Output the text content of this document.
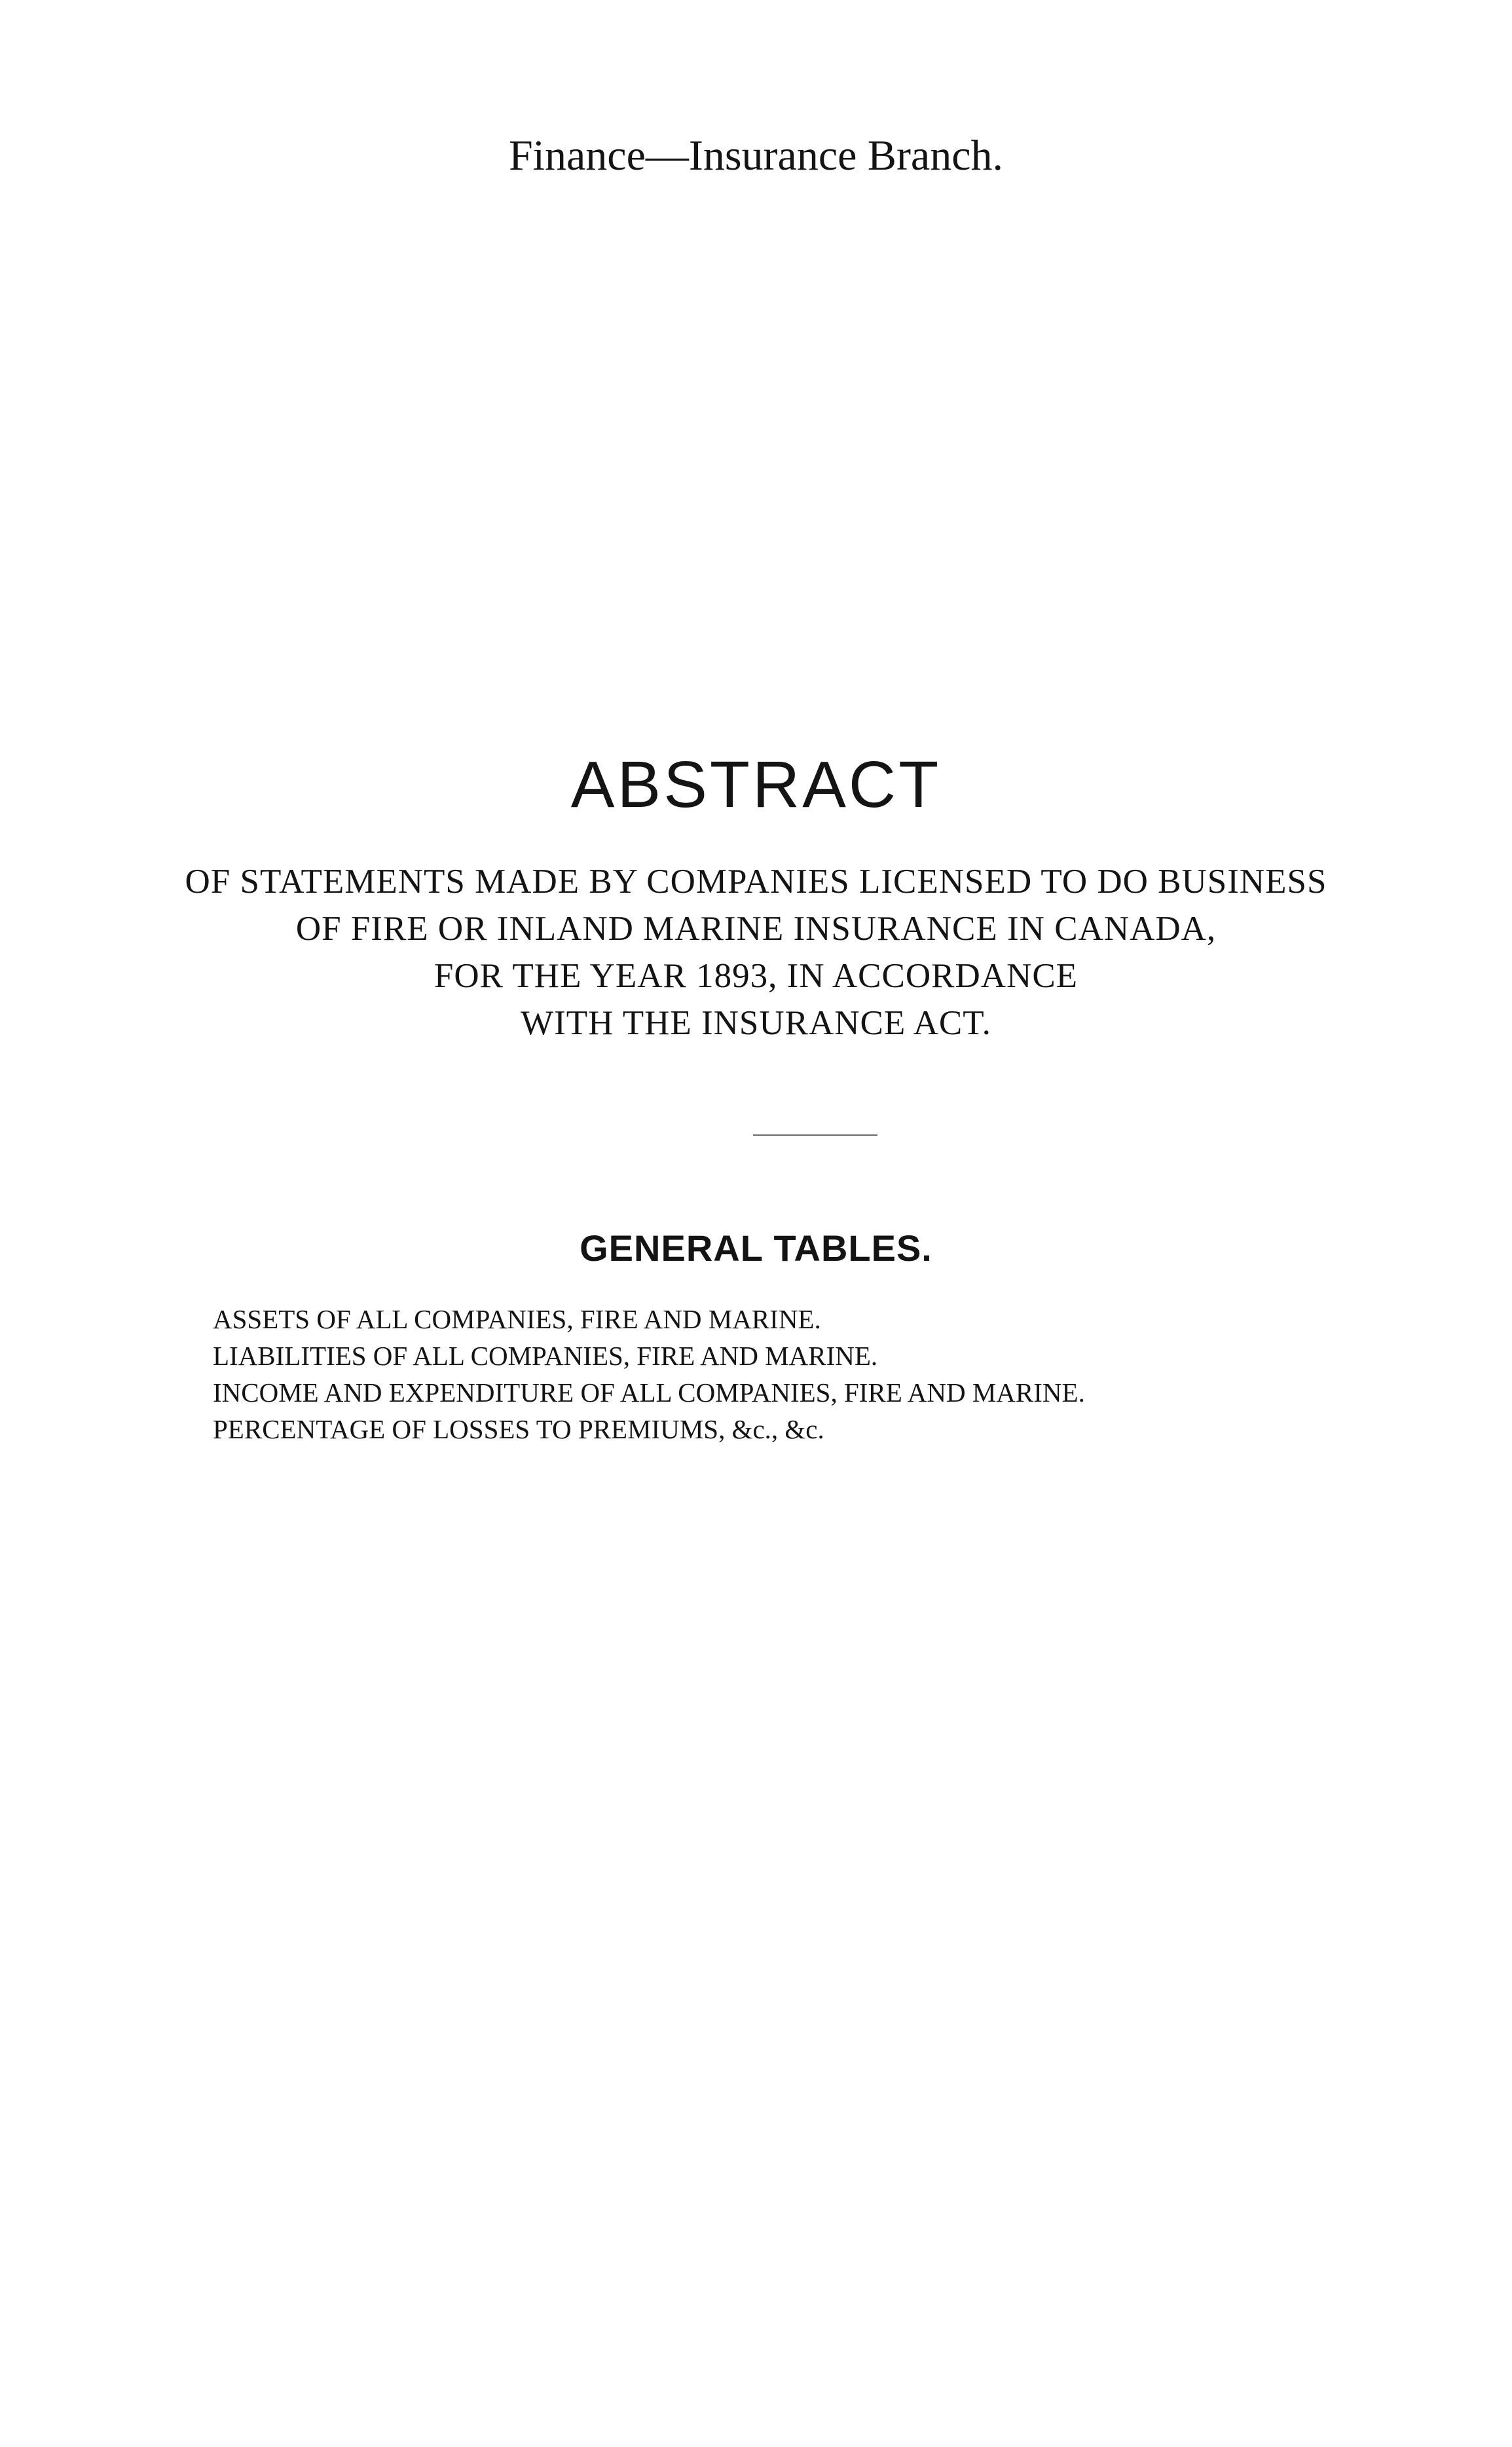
Finance—Insurance Branch.
ABSTRACT
OF STATEMENTS MADE BY COMPANIES LICENSED TO DO BUSINESS
OF FIRE OR INLAND MARINE INSURANCE IN CANADA,
FOR THE YEAR 1893, IN ACCORDANCE
WITH THE INSURANCE ACT.
GENERAL TABLES.
ASSETS OF ALL COMPANIES, FIRE AND MARINE.
LIABILITIES OF ALL COMPANIES, FIRE AND MARINE.
INCOME AND EXPENDITURE OF ALL COMPANIES, FIRE AND MARINE.
PERCENTAGE OF LOSSES TO PREMIUMS, &c., &c.
